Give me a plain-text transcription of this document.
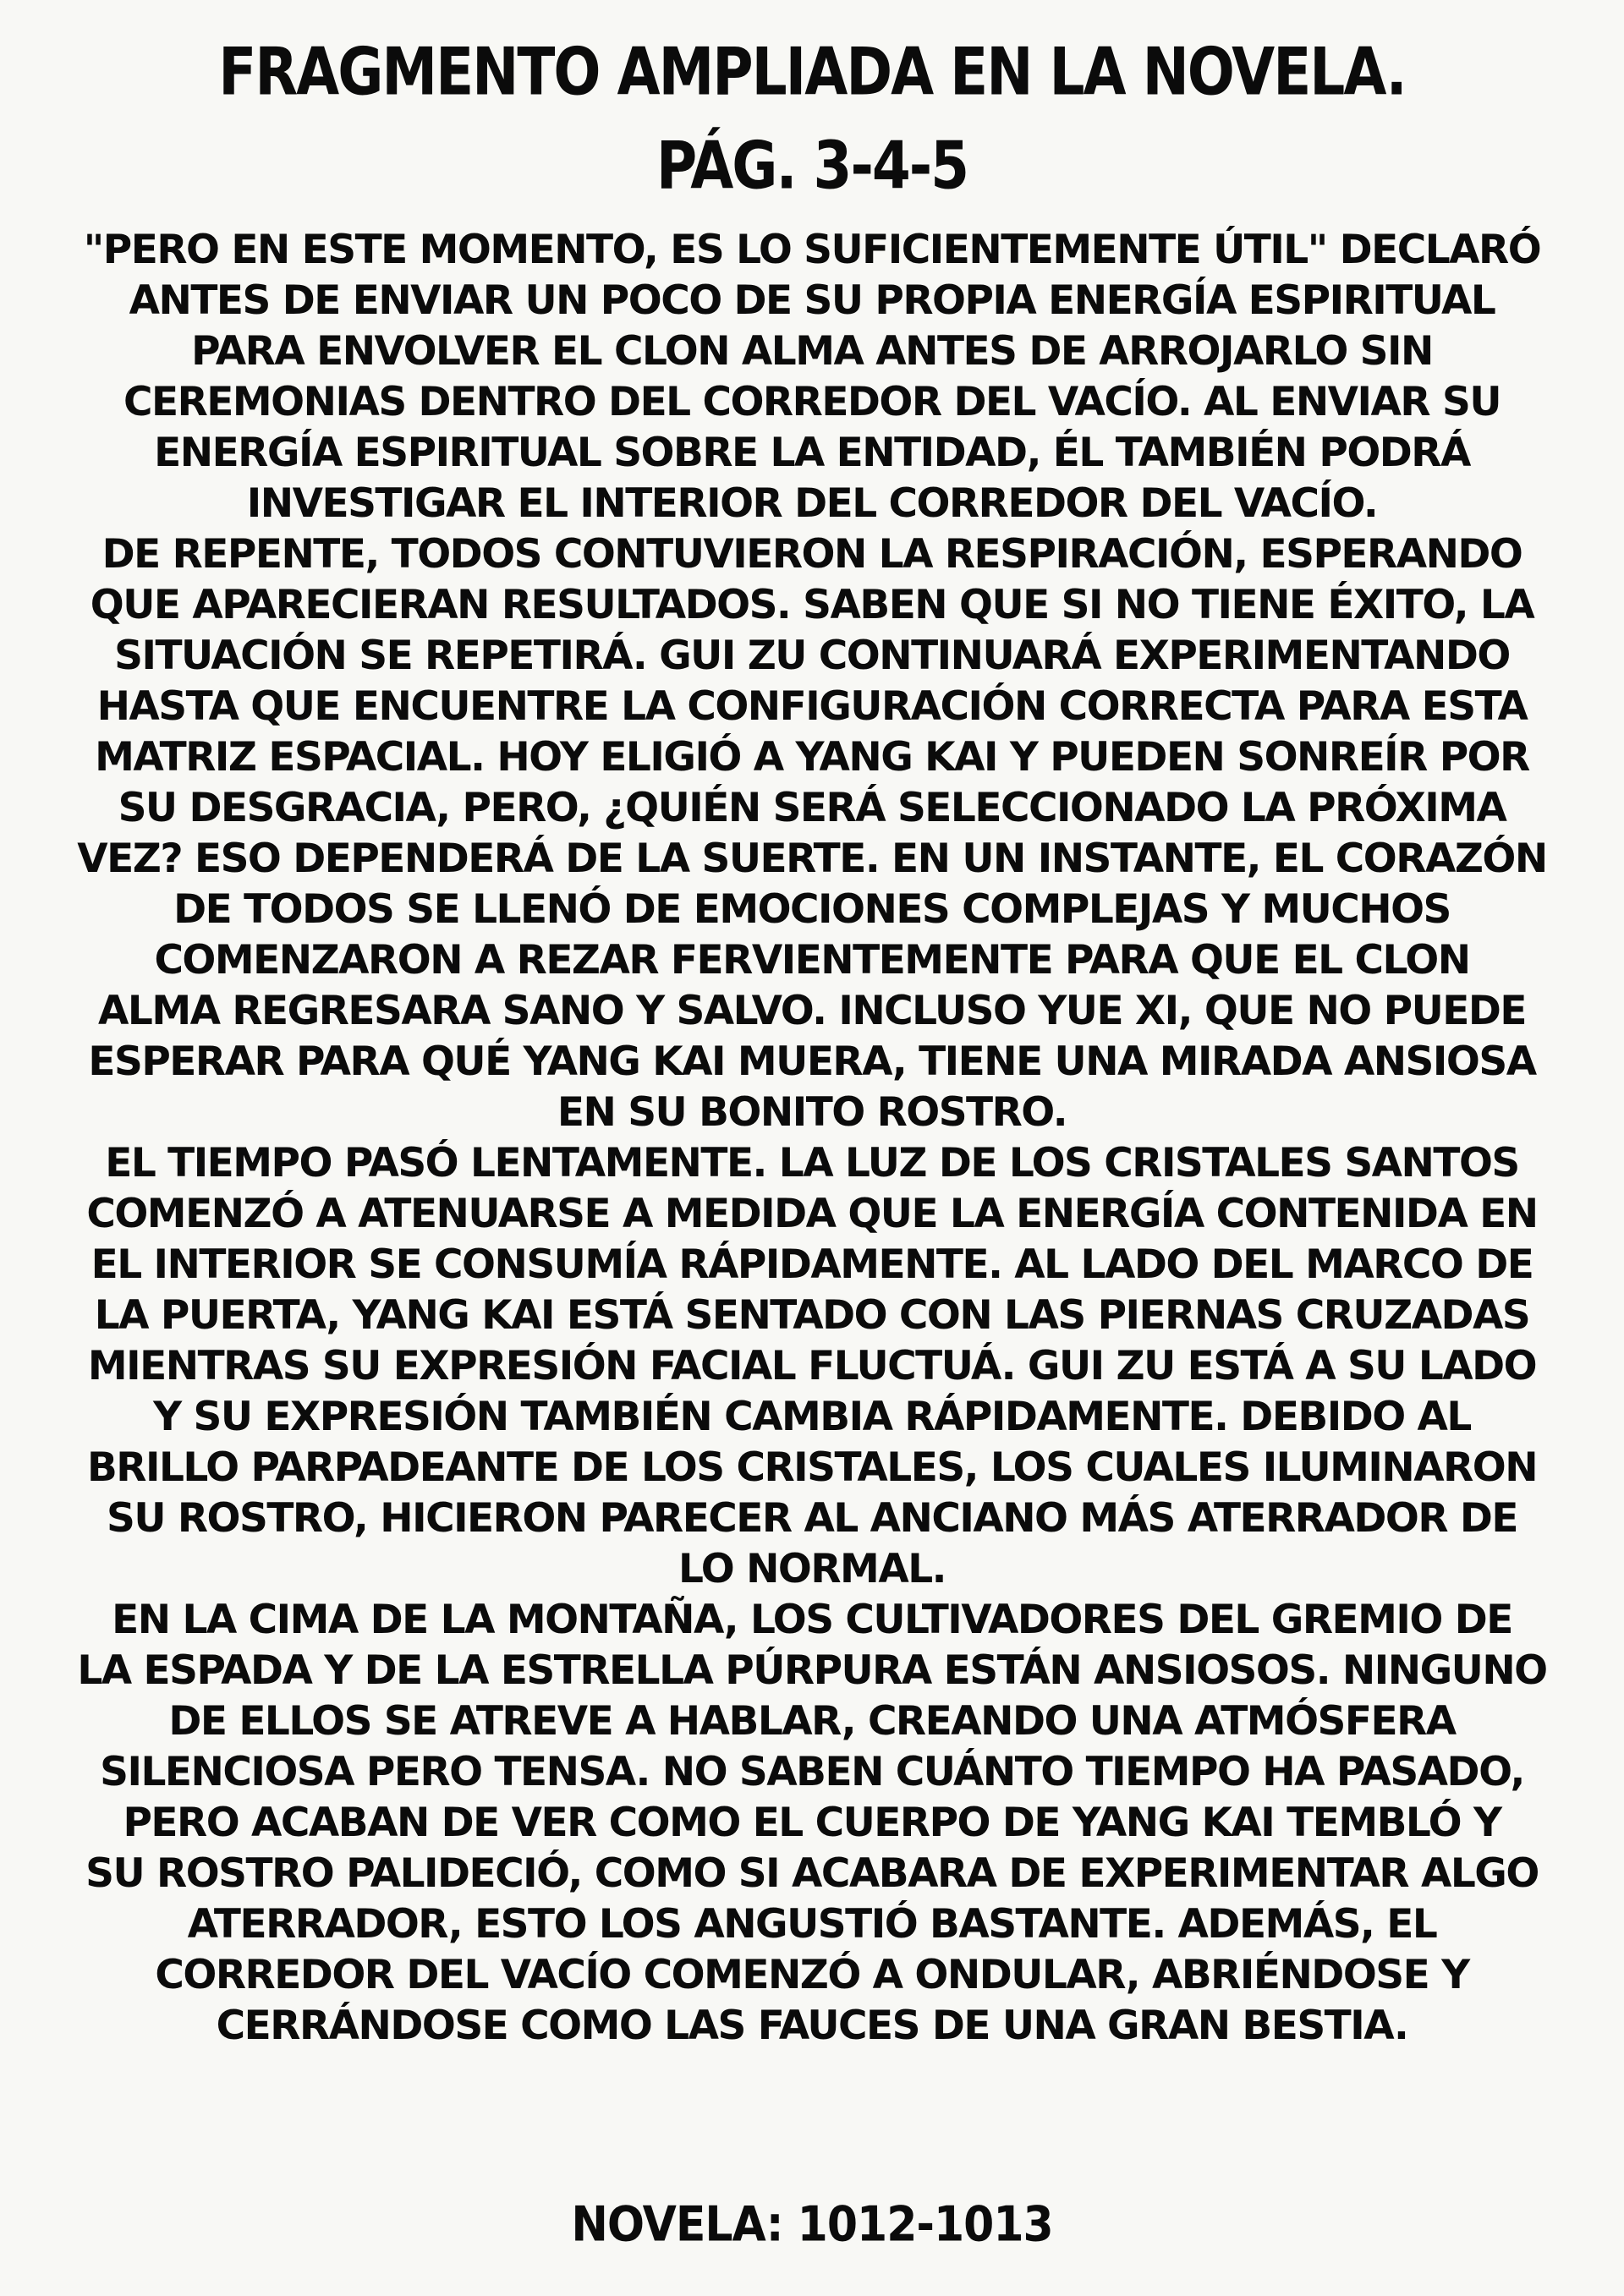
FRAGMENTO AMPLIADA EN LA NOVELA.
PÁG. 3-4-5
"PERO EN ESTE MOMENTO, ES LO SUFICIENTEMENTE ÚTIL" DECLARÓ
ANTES DE ENVIAR UN POCO DE SU PROPIA ENERGÍA ESPIRITUAL
PARA ENVOLVER EL CLON ALMA ANTES DE ARROJARLO SIN
CEREMONIAS DENTRO DEL CORREDOR DEL VACÍO. AL ENVIAR SU
ENERGÍA ESPIRITUAL SOBRE LA ENTIDAD, ÉL TAMBIÉN PODRÁ
INVESTIGAR EL INTERIOR DEL CORREDOR DEL VACÍO.
DE REPENTE, TODOS CONTUVIERON LA RESPIRACIÓN, ESPERANDO
QUE APARECIERAN RESULTADOS. SABEN QUE SI NO TIENE ÉXITO, LA
SITUACIÓN SE REPETIRÁ. GUI ZU CONTINUARÁ EXPERIMENTANDO
HASTA QUE ENCUENTRE LA CONFIGURACIÓN CORRECTA PARA ESTA
MATRIZ ESPACIAL. HOY ELIGIÓ A YANG KAI Y PUEDEN SONREÍR POR
SU DESGRACIA, PERO, ¿QUIÉN SERÁ SELECCIONADO LA PRÓXIMA
VEZ? ESO DEPENDERÁ DE LA SUERTE. EN UN INSTANTE, EL CORAZÓN
DE TODOS SE LLENÓ DE EMOCIONES COMPLEJAS Y MUCHOS
COMENZARON A REZAR FERVIENTEMENTE PARA QUE EL CLON
ALMA REGRESARA SANO Y SALVO. INCLUSO YUE XI, QUE NO PUEDE
ESPERAR PARA QUÉ YANG KAI MUERA, TIENE UNA MIRADA ANSIOSA
EN SU BONITO ROSTRO.
EL TIEMPO PASÓ LENTAMENTE. LA LUZ DE LOS CRISTALES SANTOS
COMENZÓ A ATENUARSE A MEDIDA QUE LA ENERGÍA CONTENIDA EN
EL INTERIOR SE CONSUMÍA RÁPIDAMENTE. AL LADO DEL MARCO DE
LA PUERTA, YANG KAI ESTÁ SENTADO CON LAS PIERNAS CRUZADAS
MIENTRAS SU EXPRESIÓN FACIAL FLUCTUÁ. GUI ZU ESTÁ A SU LADO
Y SU EXPRESIÓN TAMBIÉN CAMBIA RÁPIDAMENTE. DEBIDO AL
BRILLO PARPADEANTE DE LOS CRISTALES, LOS CUALES ILUMINARON
SU ROSTRO, HICIERON PARECER AL ANCIANO MÁS ATERRADOR DE
LO NORMAL.
EN LA CIMA DE LA MONTAÑA, LOS CULTIVADORES DEL GREMIO DE
LA ESPADA Y DE LA ESTRELLA PÚRPURA ESTÁN ANSIOSOS. NINGUNO
DE ELLOS SE ATREVE A HABLAR, CREANDO UNA ATMÓSFERA
SILENCIOSA PERO TENSA. NO SABEN CUÁNTO TIEMPO HA PASADO,
PERO ACABAN DE VER COMO EL CUERPO DE YANG KAI TEMBLÓ Y
SU ROSTRO PALIDECIÓ, COMO SI ACABARA DE EXPERIMENTAR ALGO
ATERRADOR, ESTO LOS ANGUSTIÓ BASTANTE. ADEMÁS, EL
CORREDOR DEL VACÍO COMENZÓ A ONDULAR, ABRIÉNDOSE Y
CERRÁNDOSE COMO LAS FAUCES DE UNA GRAN BESTIA.
NOVELA: 1012-1013
